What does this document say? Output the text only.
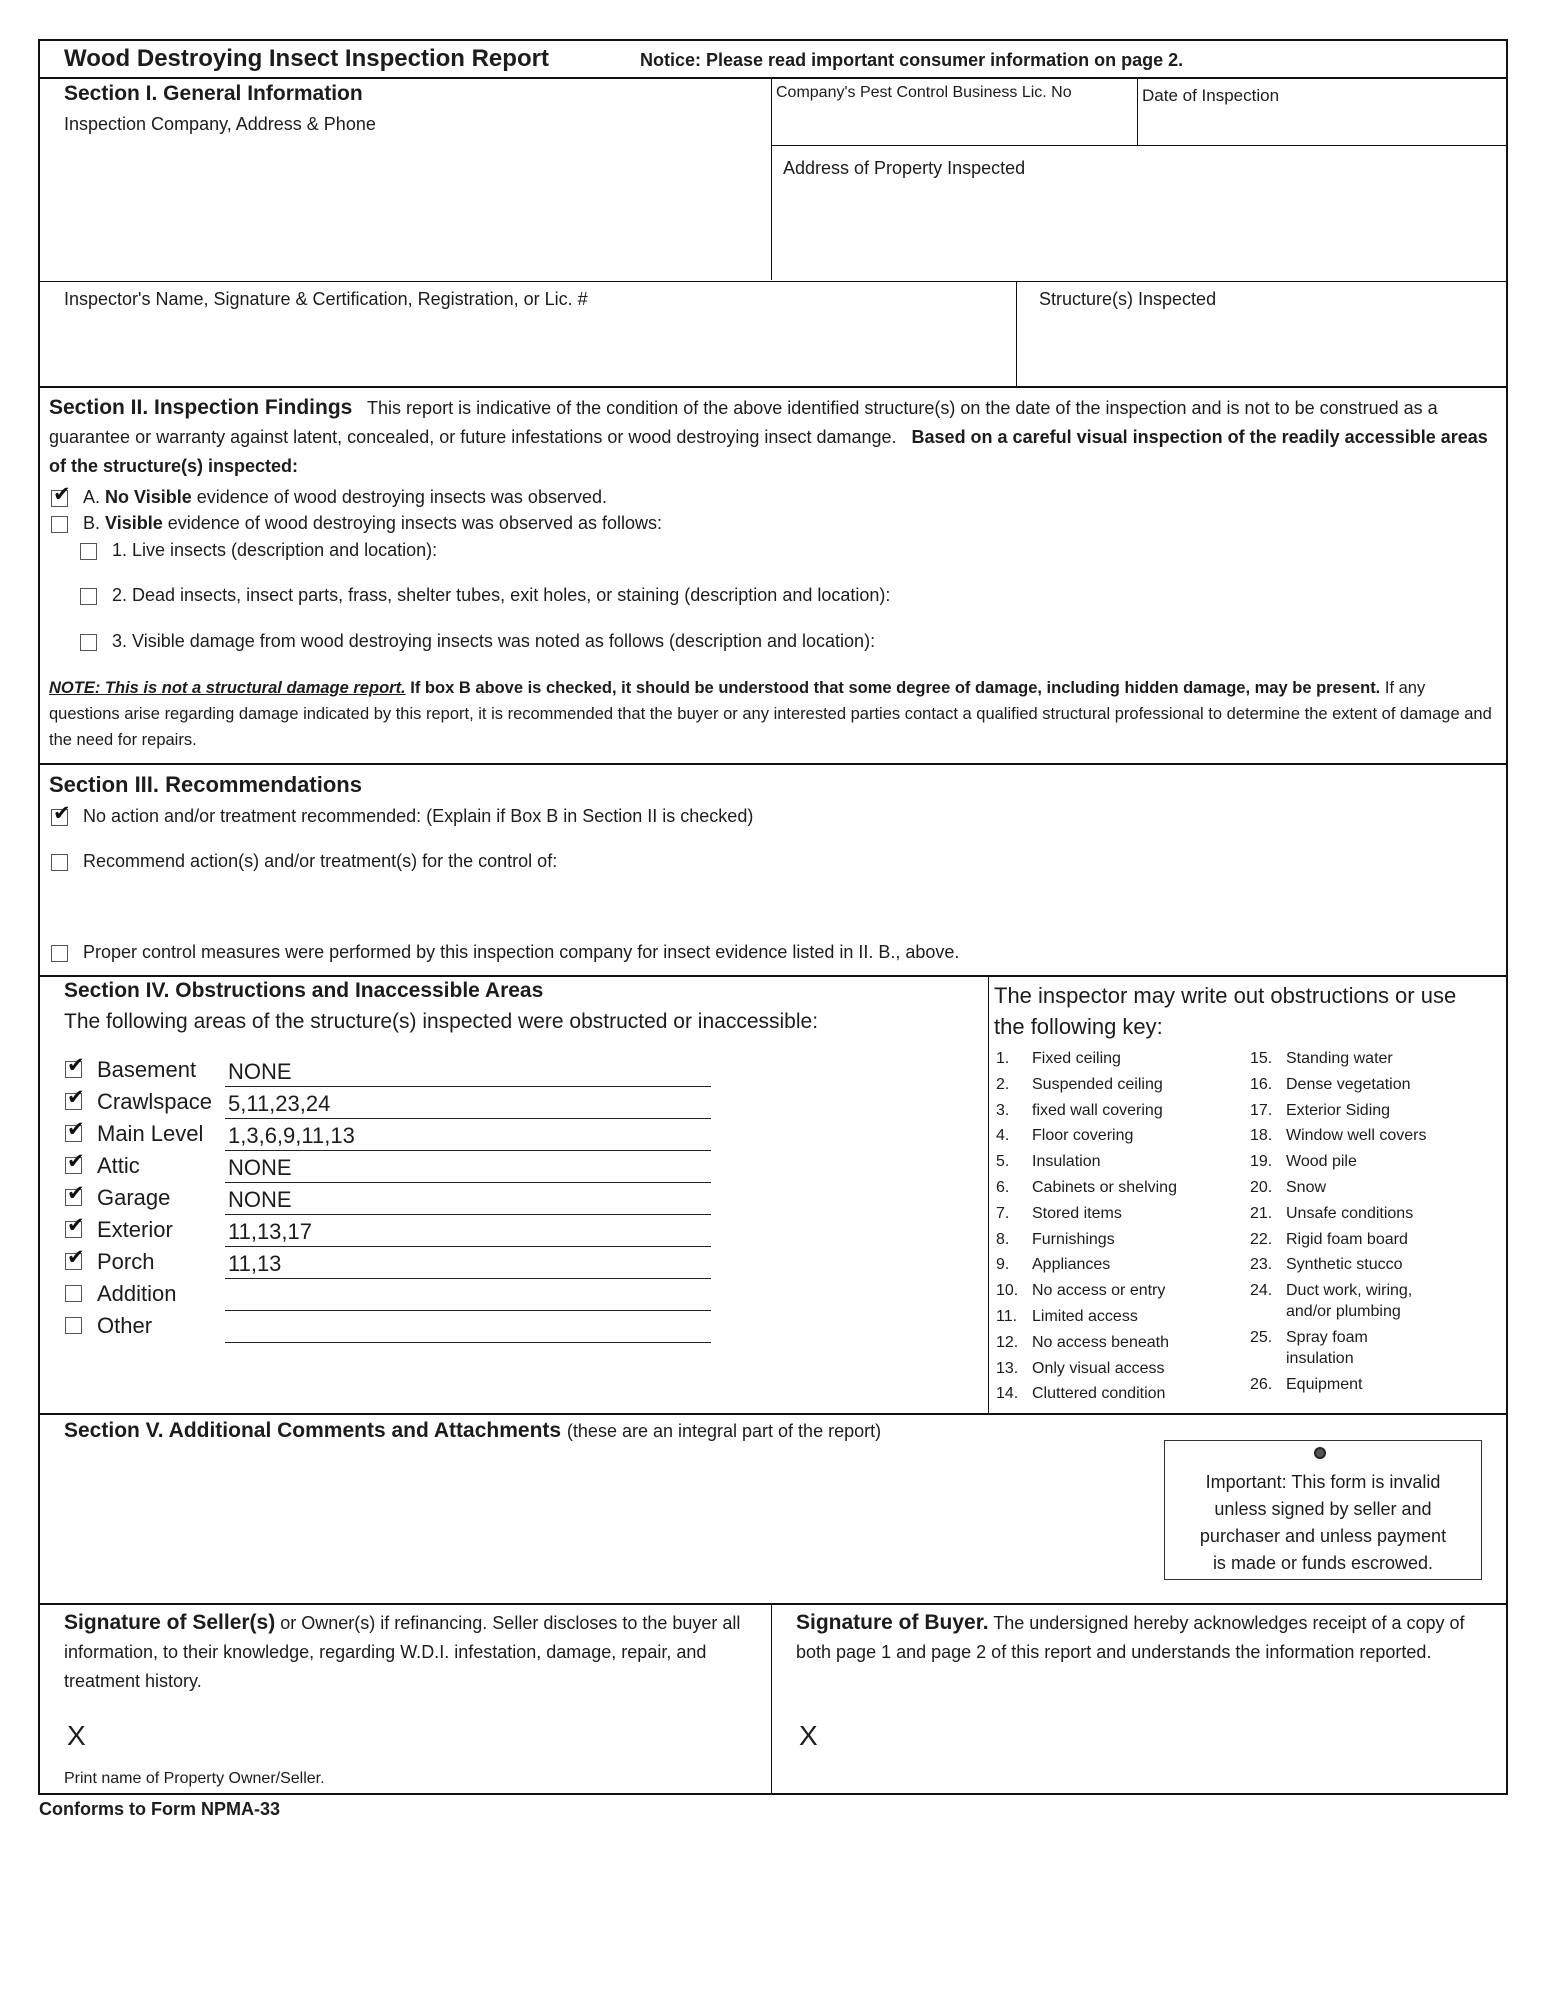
Wood Destroying Insect Inspection Report	Notice: Please read important consumer information on page 2.
Section I. General Information
Inspection Company, Address & Phone
Company's Pest Control Business Lic. No	Date of Inspection
Address of Property Inspected
Inspector's Name, Signature & Certification, Registration, or Lic. #	Structure(s) Inspected
Section II. Inspection Findings This report is indicative of the condition of the above identified structure(s) on the date of the inspection and is not to be construed as a guarantee or warranty against latent, concealed, or future infestations or wood destroying insect damange. Based on a careful visual inspection of the readily accessible areas of the structure(s) inspected:
✔ A. No Visible evidence of wood destroying insects was observed.
B. Visible evidence of wood destroying insects was observed as follows:
1. Live insects (description and location):
2. Dead insects, insect parts, frass, shelter tubes, exit holes, or staining (description and location):
3. Visible damage from wood destroying insects was noted as follows (description and location):
NOTE: This is not a structural damage report. If box B above is checked, it should be understood that some degree of damage, including hidden damage, may be present. If any questions arise regarding damage indicated by this report, it is recommended that the buyer or any interested parties contact a qualified structural professional to determine the extent of damage and the need for repairs.
Section III. Recommendations
✔ No action and/or treatment recommended: (Explain if Box B in Section II is checked)
Recommend action(s) and/or treatment(s) for the control of:
Proper control measures were performed by this inspection company for insect evidence listed in II. B., above.
Section IV. Obstructions and Inaccessible Areas
The following areas of the structure(s) inspected were obstructed or inaccessible:
✔ Basement NONE
✔ Crawlspace 5,11,23,24
✔ Main Level 1,3,6,9,11,13
✔ Attic	NONE
✔ Garage	NONE
✔ Exterior	11,13,17
✔ Porch	11,13
Addition
Other
The inspector may write out obstructions or use
the following key:
1. Fixed ceiling
2. Suspended ceiling
3. fixed wall covering
4. Floor covering
5. Insulation
6. Cabinets or shelving
7. Stored items
8. Furnishings
9. Appliances
10. No access or entry
11. Limited access
12. No access beneath
13. Only visual access
14. Cluttered condition
15. Standing water
16. Dense vegetation
17. Exterior Siding
18. Window well covers
19. Wood pile
20. Snow
21. Unsafe conditions
22. Rigid foam board
23. Synthetic stucco
24. Duct work, wiring,
and/or plumbing
25. Spray foam
insulation
26. Equipment
Section V. Additional Comments and Attachments (these are an integral part of the report)
Important: This form is invalid
unless signed by seller and
purchaser and unless payment
is made or funds escrowed.
Signature of Seller(s) or Owner(s) if refinancing. Seller discloses to the buyer all information, to their knowledge, regarding W.D.I. infestation, damage, repair, and treatment history.
X
Print name of Property Owner/Seller.
Signature of Buyer. The undersigned hereby acknowledges receipt of a copy of both page 1 and page 2 of this report and understands the information reported.
X
Conforms to Form NPMA-33
